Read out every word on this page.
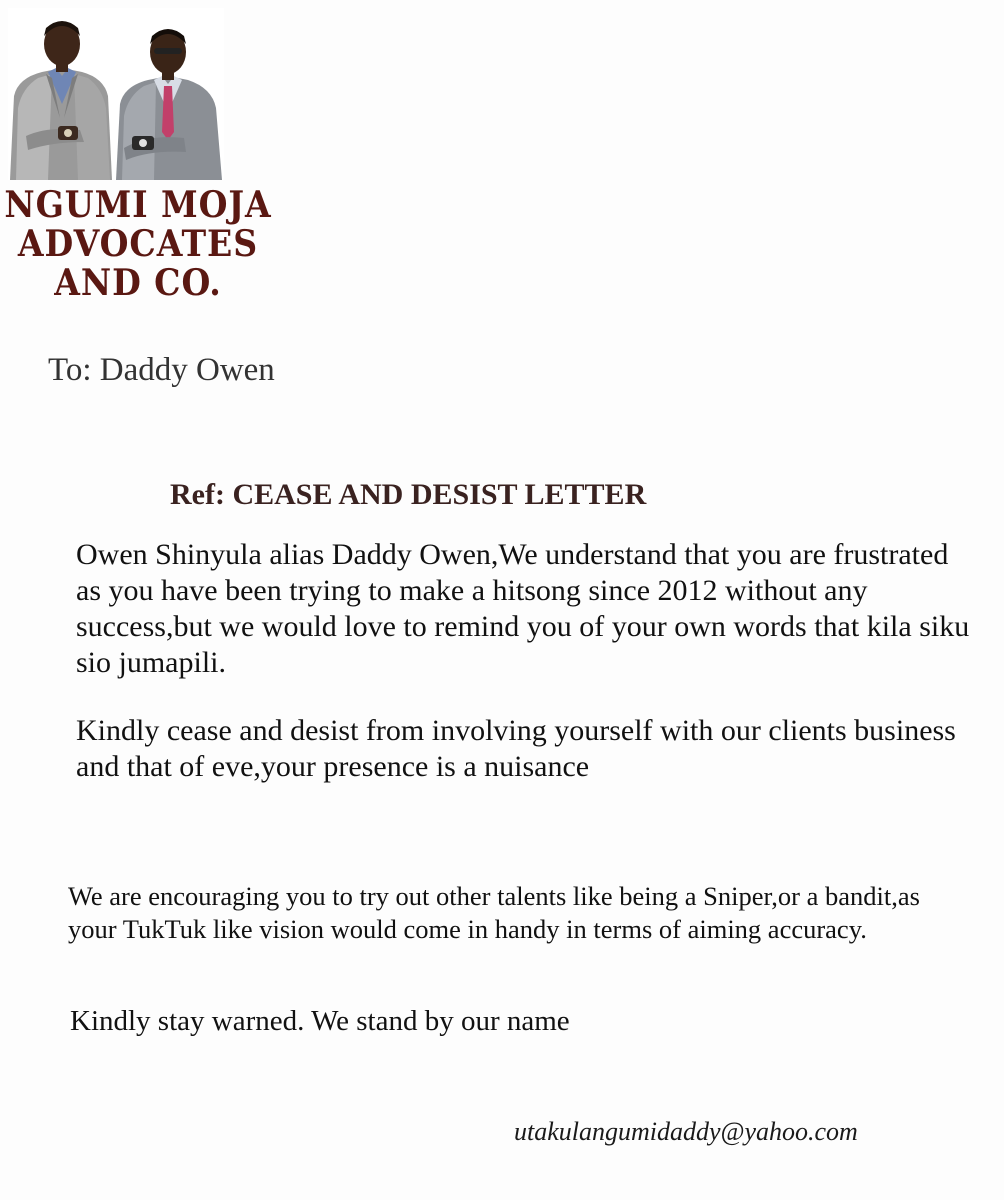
NGUMI MOJA
ADVOCATES
AND CO.
To: Daddy Owen
Ref: CEASE AND DESIST LETTER
Owen Shinyula alias Daddy Owen,We understand that you are frustrated as you have been trying to make a hitsong since 2012 without any success,but we would love to remind you of your own words that kila siku sio jumapili.
Kindly cease and desist from involving yourself with our clients business and that of eve,your presence is a nuisance
We are encouraging you to try out other talents like being a Sniper,or a bandit,as your TukTuk like vision would come in handy in terms of aiming accuracy.
Kindly stay warned. We stand by our name
utakulangumidaddy@yahoo.com
